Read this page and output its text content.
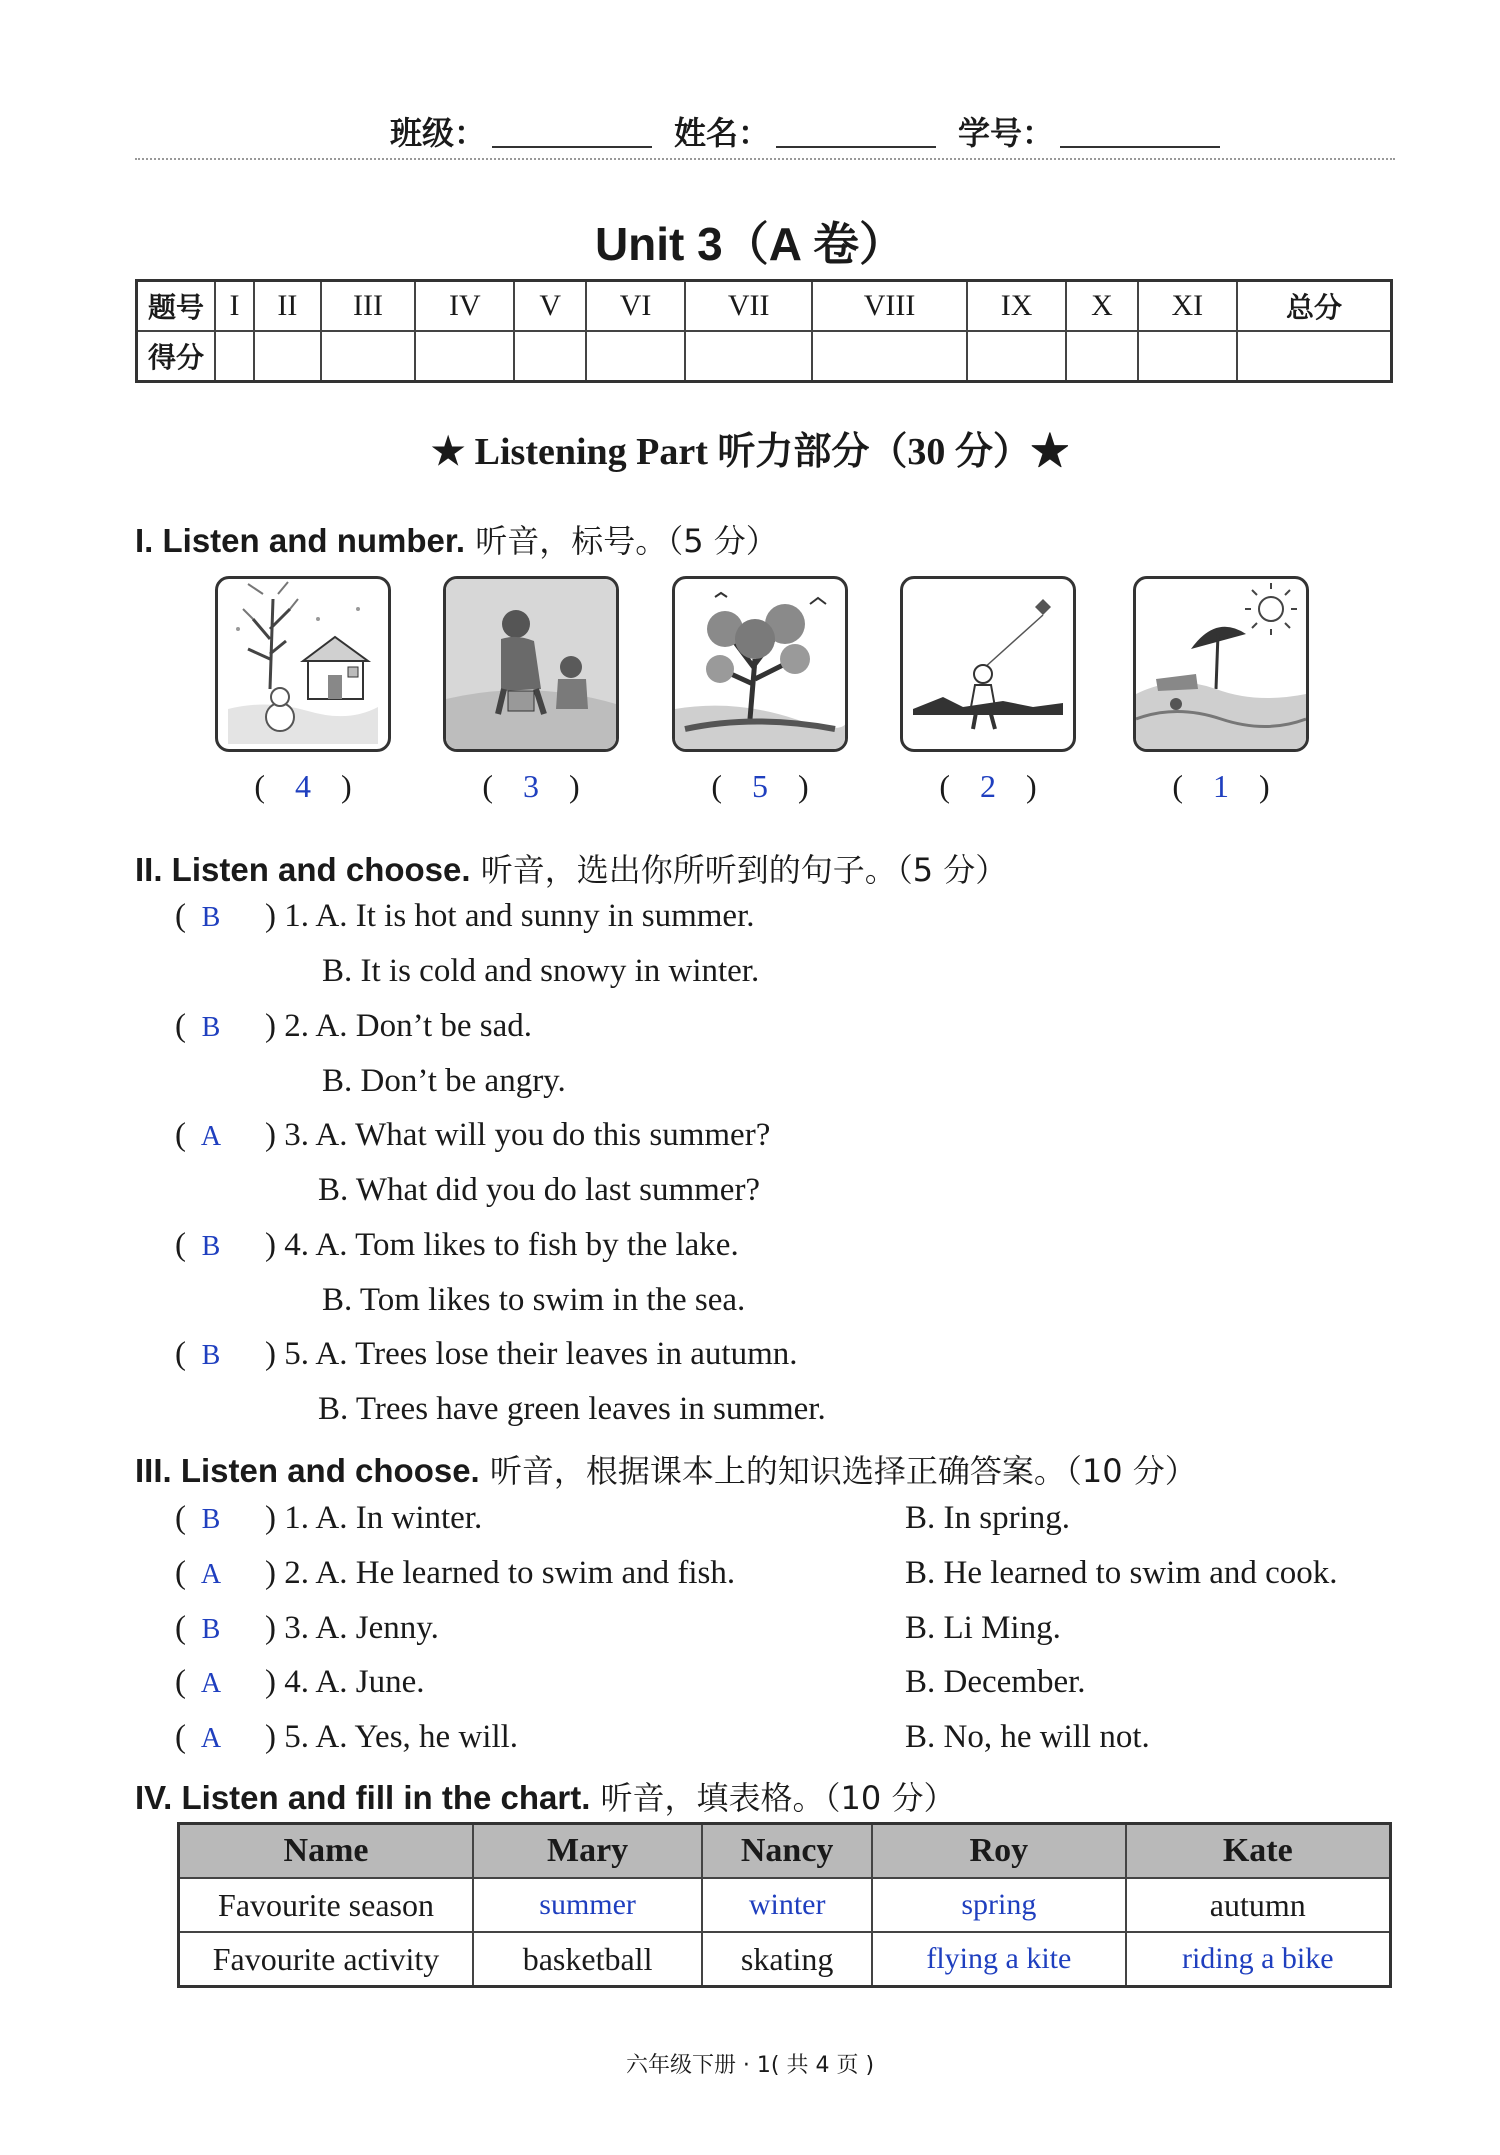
班级：	姓名：	学号：
Unit 3（A 卷）
题号	I	II	III	IV	V	VI	VII	VIII	IX	X	XI	总分
得分												
★ Listening Part 听力部分（30 分）★
I. Listen and number. 听音，标号。（5 分）
( 4 )	( 3 )	( 5 )	( 2 )	( 1 )
II. Listen and choose. 听音，选出你所听到的句子。（5 分）
( B ) 1. A. It is hot and sunny in summer.
B. It is cold and snowy in winter.
( B ) 2. A. Don’t be sad.
B. Don’t be angry.
( A ) 3. A. What will you do this summer?
B. What did you do last summer?
( B ) 4. A. Tom likes to fish by the lake.
B. Tom likes to swim in the sea.
( B ) 5. A. Trees lose their leaves in autumn.
B. Trees have green leaves in summer.
III. Listen and choose. 听音，根据课本上的知识选择正确答案。（10 分）
( B ) 1. A. In winter.	B. In spring.
( A ) 2. A. He learned to swim and fish.	B. He learned to swim and cook.
( B ) 3. A. Jenny.	B. Li Ming.
( A ) 4. A. June.	B. December.
( A ) 5. A. Yes, he will.	B. No, he will not.
IV. Listen and fill in the chart. 听音，填表格。（10 分）
Name	Mary	Nancy	Roy	Kate
Favourite season	summer	winter	spring	autumn
Favourite activity	basketball	skating	flying a kite	riding a bike
六年级下册 · 1( 共 4 页 )
